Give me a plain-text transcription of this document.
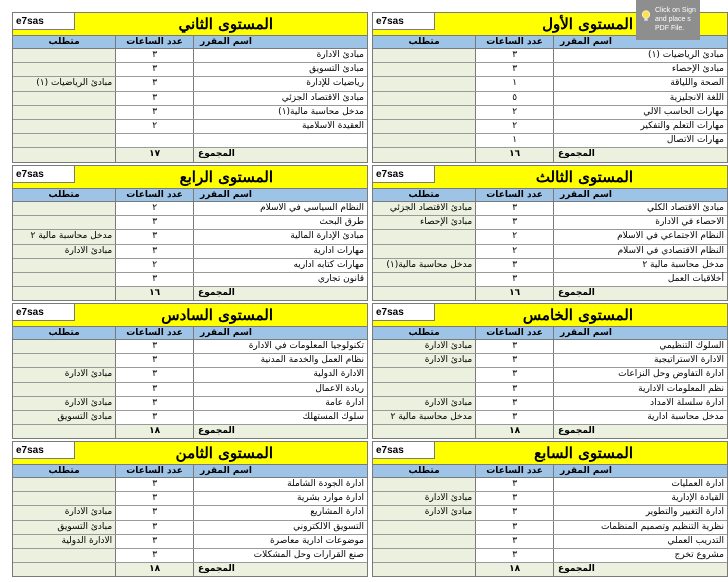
e7sas	المستوى الأول
اسم المقرر	عدد الساعات	متطلب
مبادئ الرياضيات (١)	٣	
مبادئ الإحصاء	٣	
الصحة واللياقة	١	
اللغة الانجليزية	٥	
مهارات الحاسب الالي	٢	
مهارات التعلم والتفكير	٢	
مهارات الاتصال	١	
المجموع	١٦	
e7sas	المستوى الثاني
اسم المقرر	عدد الساعات	متطلب
مبادئ الادارة	٣	
مبادئ التسويق	٣	
رياضيات للإدارة	٣	مبادئ الرياضيات (١)
مبادئ الاقتصاد الجزئي	٣	
مدخل محاسبة مالية(١)	٣	
العقيدة الاسلامية	٢	

المجموع	١٧	
e7sas	المستوى الثالث
اسم المقرر	عدد الساعات	متطلب
مبادئ الاقتصاد الكلي	٣	مبادئ الاقتصاد الجزئي
الاحصاء في الادارة	٣	مبادئ الإحصاء
النظام الاجتماعي في الاسلام	٢	
النظام الاقتصادي في الاسلام	٢	
مدخل محاسبة مالية ٢	٣	مدخل محاسبة مالية(١)
أخلاقيات العمل	٣	
المجموع	١٦	
e7sas	المستوى الرابع
اسم المقرر	عدد الساعات	متطلب
النظام السياسي في الاسلام	٢	
طرق البحث	٣	
مبادئ الإدارة المالية	٣	مدخل محاسبة مالية ٢
مهارات ادارية	٣	مبادئ الادارة
مهارات كتابه اداريه	٢	
قانون تجاري	٣	
المجموع	١٦	
e7sas	المستوى الخامس
اسم المقرر	عدد الساعات	متطلب
السلوك التنظيمي	٣	مبادئ الادارة
الادارة الاستراتيجية	٣	مبادئ الادارة
ادارة التفاوض وحل النزاعات	٣	
نظم المعلومات الادارية	٣	
ادارة سلسلة الامداد	٣	مبادئ الادارة
مدخل محاسبة ادارية	٣	مدخل محاسبة مالية ٢
المجموع	١٨	
e7sas	المستوى السادس
اسم المقرر	عدد الساعات	متطلب
تكنولوجيا المعلومات في الادارة	٣	
نظام العمل والخدمة المدنية	٣	
الادارة الدولية	٣	مبادئ الادارة
ريادة الاعمال	٣	
ادارة عامة	٣	مبادئ الادارة
سلوك المستهلك	٣	مبادئ التسويق
المجموع	١٨	
e7sas	المستوى السابع
اسم المقرر	عدد الساعات	متطلب
ادارة العمليات	٣	
القيادة الإدارية	٣	مبادئ الادارة
ادارة التغيير والتطوير	٣	مبادئ الادارة
نظرية التنظيم وتصميم المنظمات	٣	
التدريب العملي	٣	
مشروع تخرج	٣	
المجموع	١٨	
e7sas	المستوى الثامن
اسم المقرر	عدد الساعات	متطلب
ادارة الجودة الشاملة	٣	
ادارة موارد بشرية	٣	
ادارة المشاريع	٣	مبادئ الادارة
التسويق الالكتروني	٣	مبادئ التسويق
موضوعات ادارية معاصرة	٣	الادارة الدولية
صنع القرارات وحل المشكلات	٣	
المجموع	١٨	
Click on Sign and place s PDF File.
